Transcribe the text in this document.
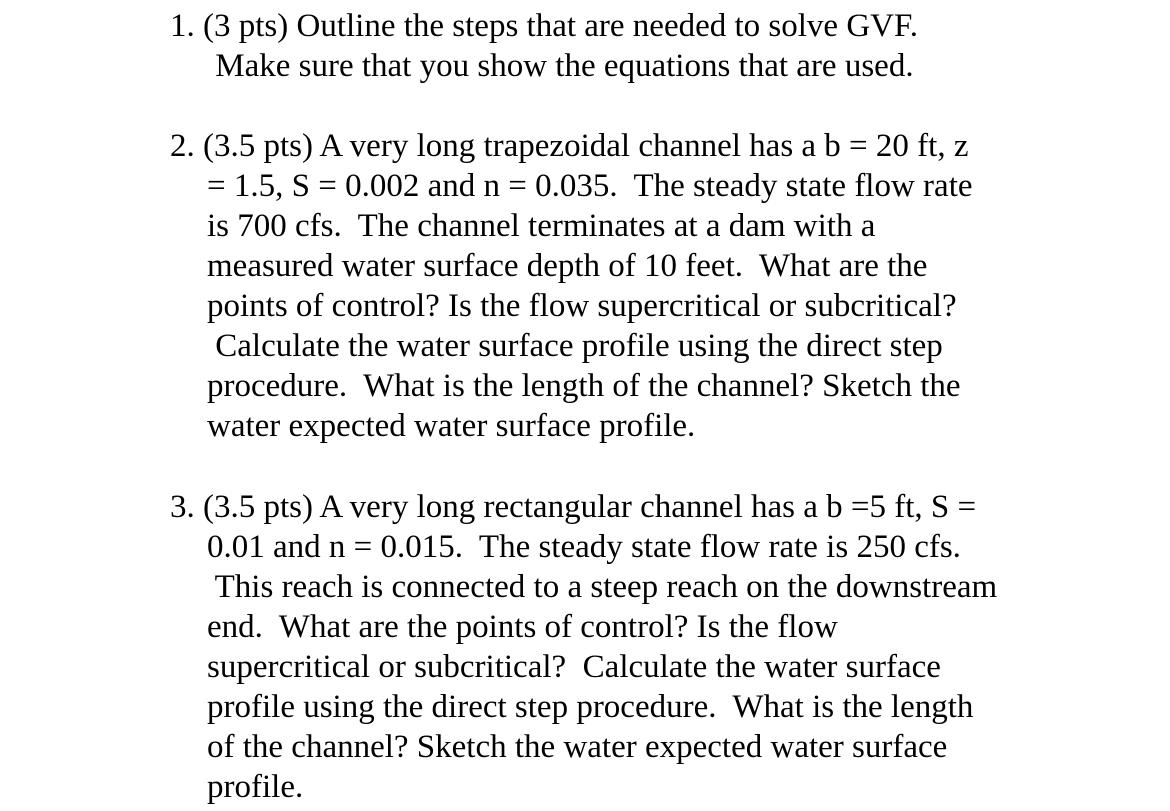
1. (3 pts) Outline the steps that are needed to solve GVF.
Make sure that you show the equations that are used.
2. (3.5 pts) A very long trapezoidal channel has a b = 20 ft, z
= 1.5, S = 0.002 and n = 0.035.  The steady state flow rate
is 700 cfs.  The channel terminates at a dam with a
measured water surface depth of 10 feet.  What are the
points of control? Is the flow supercritical or subcritical?
Calculate the water surface profile using the direct step
procedure.  What is the length of the channel? Sketch the
water expected water surface profile.
3. (3.5 pts) A very long rectangular channel has a b =5 ft, S =
0.01 and n = 0.015.  The steady state flow rate is 250 cfs.
This reach is connected to a steep reach on the downstream
end.  What are the points of control? Is the flow
supercritical or subcritical?  Calculate the water surface
profile using the direct step procedure.  What is the length
of the channel? Sketch the water expected water surface
profile.
